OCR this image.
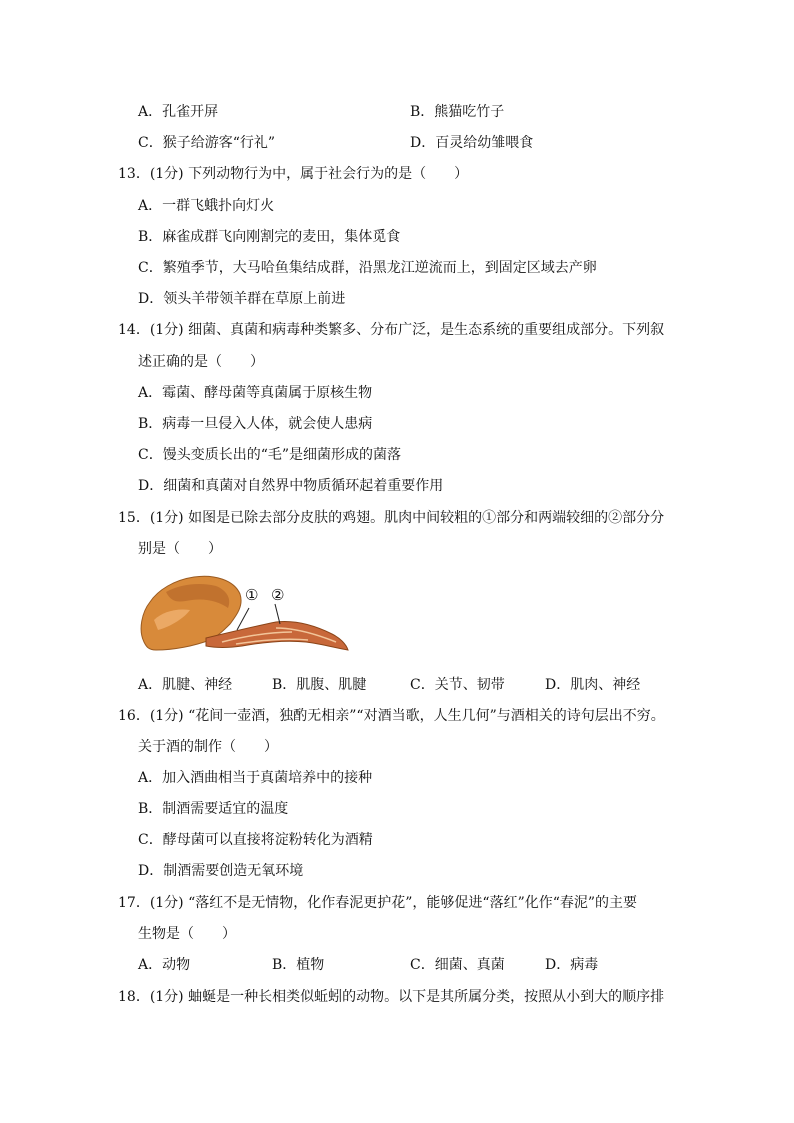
A．孔雀开屏	B．熊猫吃竹子
C．猴子给游客“行礼”	D．百灵给幼雏喂食
13．(1分) 下列动物行为中，属于社会行为的是（　　）
A．一群飞蛾扑向灯火
B．麻雀成群飞向刚割完的麦田，集体觅食
C．繁殖季节，大马哈鱼集结成群，沿黑龙江逆流而上，到固定区域去产卵
D．领头羊带领羊群在草原上前进
14．(1分) 细菌、真菌和病毒种类繁多、分布广泛，是生态系统的重要组成部分。下列叙
述正确的是（　　）
A．霉菌、酵母菌等真菌属于原核生物
B．病毒一旦侵入人体，就会使人患病
C．馒头变质长出的“毛”是细菌形成的菌落
D．细菌和真菌对自然界中物质循环起着重要作用
15．(1分) 如图是已除去部分皮肤的鸡翅。肌肉中间较粗的①部分和两端较细的②部分分
别是（　　）
① ②
A．肌腱、神经	B．肌腹、肌腱	C．关节、韧带	D．肌肉、神经
16．(1分) “花间一壶酒，独酌无相亲”“对酒当歌，人生几何”与酒相关的诗句层出不穷。
关于酒的制作（　　）
A．加入酒曲相当于真菌培养中的接种
B．制酒需要适宜的温度
C．酵母菌可以直接将淀粉转化为酒精
D．制酒需要创造无氧环境
17．(1分) “落红不是无情物，化作春泥更护花”，能够促进“落红”化作“春泥”的主要
生物是（　　）
A．动物	B．植物	C．细菌、真菌	D．病毒
18．(1分) 蚰蜒是一种长相类似蚯蚓的动物。以下是其所属分类，按照从小到大的顺序排
